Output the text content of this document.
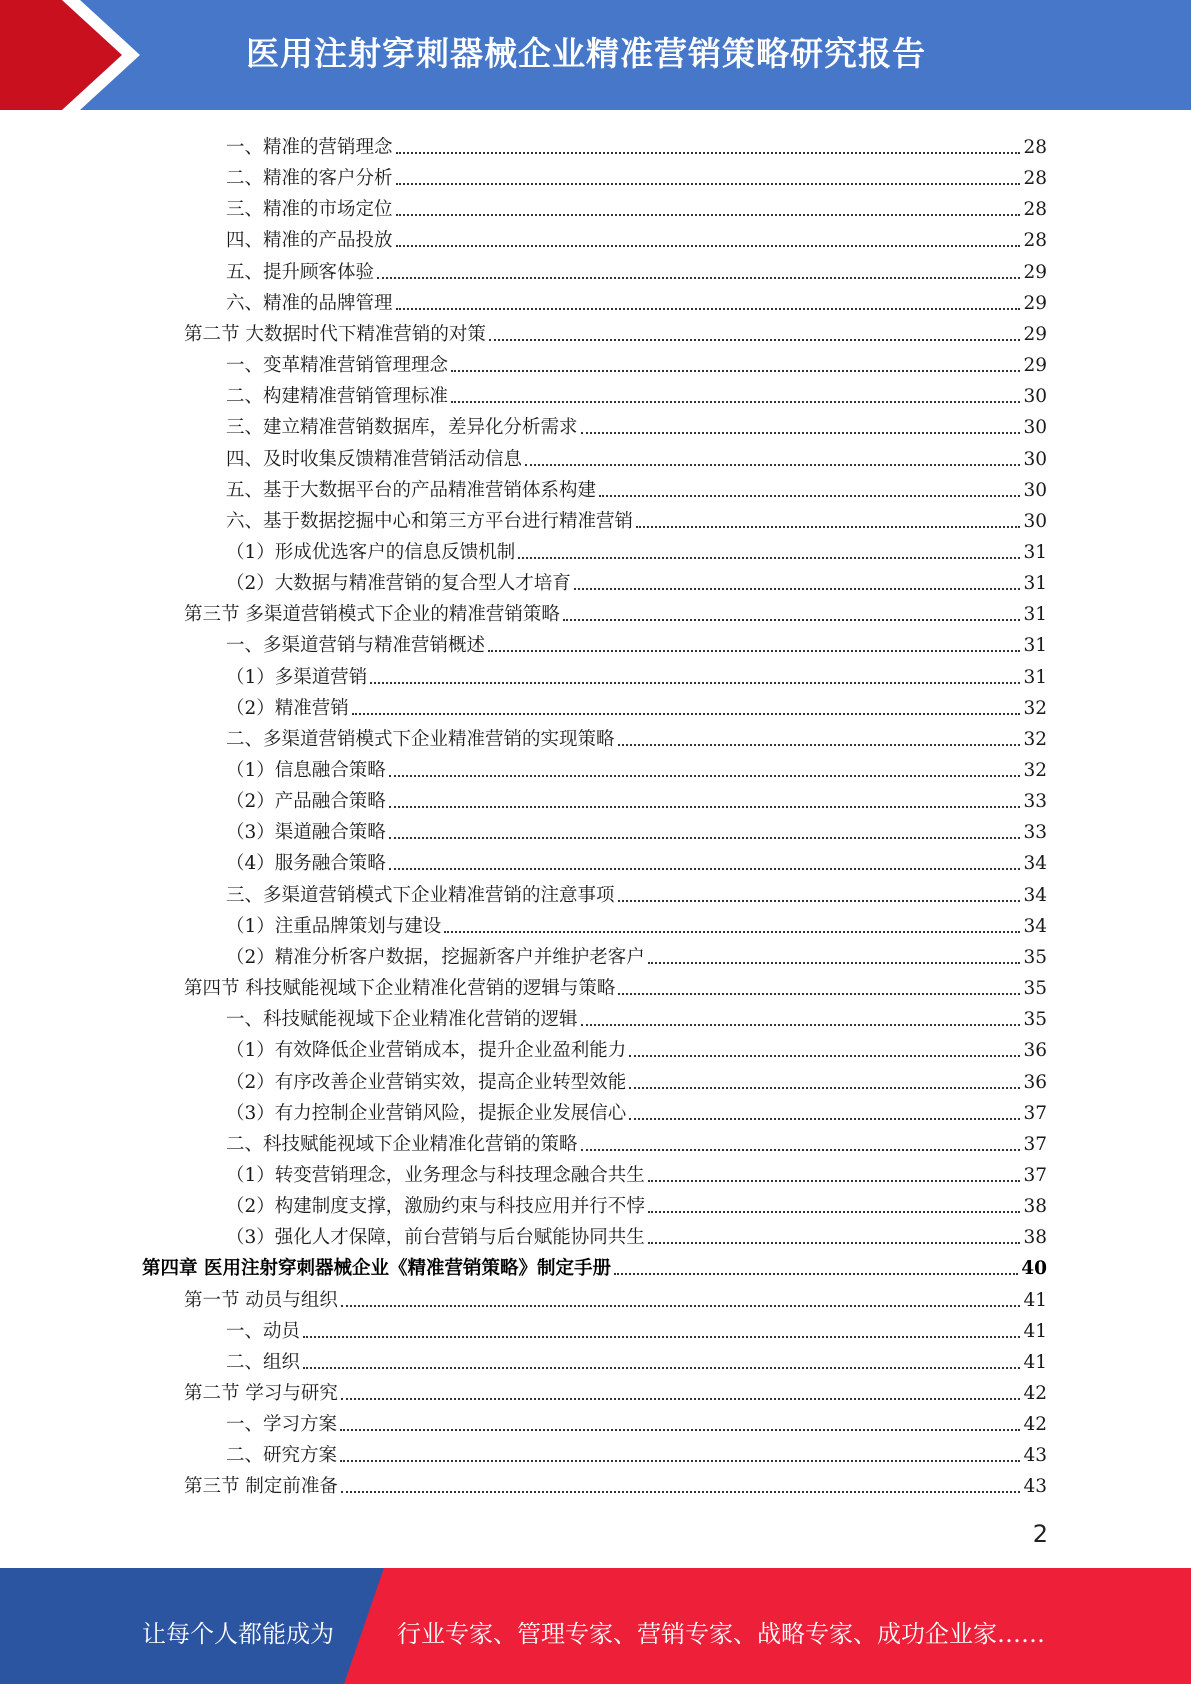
医用注射穿刺器械企业精准营销策略研究报告
一、精准的营销理念	28
二、精准的客户分析	28
三、精准的市场定位	28
四、精准的产品投放	28
五、提升顾客体验	29
六、精准的品牌管理	29
第二节 大数据时代下精准营销的对策	29
一、变革精准营销管理理念	29
二、构建精准营销管理标准	30
三、建立精准营销数据库，差异化分析需求	30
四、及时收集反馈精准营销活动信息	30
五、基于大数据平台的产品精准营销体系构建	30
六、基于数据挖掘中心和第三方平台进行精准营销	30
（1）形成优选客户的信息反馈机制	31
（2）大数据与精准营销的复合型人才培育	31
第三节 多渠道营销模式下企业的精准营销策略	31
一、多渠道营销与精准营销概述	31
（1）多渠道营销	31
（2）精准营销	32
二、多渠道营销模式下企业精准营销的实现策略	32
（1）信息融合策略	32
（2）产品融合策略	33
（3）渠道融合策略	33
（4）服务融合策略	34
三、多渠道营销模式下企业精准营销的注意事项	34
（1）注重品牌策划与建设	34
（2）精准分析客户数据，挖掘新客户并维护老客户	35
第四节 科技赋能视域下企业精准化营销的逻辑与策略	35
一、科技赋能视域下企业精准化营销的逻辑	35
（1）有效降低企业营销成本，提升企业盈利能力	36
（2）有序改善企业营销实效，提高企业转型效能	36
（3）有力控制企业营销风险，提振企业发展信心	37
二、科技赋能视域下企业精准化营销的策略	37
（1）转变营销理念，业务理念与科技理念融合共生	37
（2）构建制度支撑，激励约束与科技应用并行不悖	38
（3）强化人才保障，前台营销与后台赋能协同共生	38
第四章 医用注射穿刺器械企业《精准营销策略》制定手册	40
第一节 动员与组织	41
一、动员	41
二、组织	41
第二节 学习与研究	42
一、学习方案	42
二、研究方案	43
第三节 制定前准备	43
2
让每个人都能成为	行业专家、管理专家、营销专家、战略专家、成功企业家……
